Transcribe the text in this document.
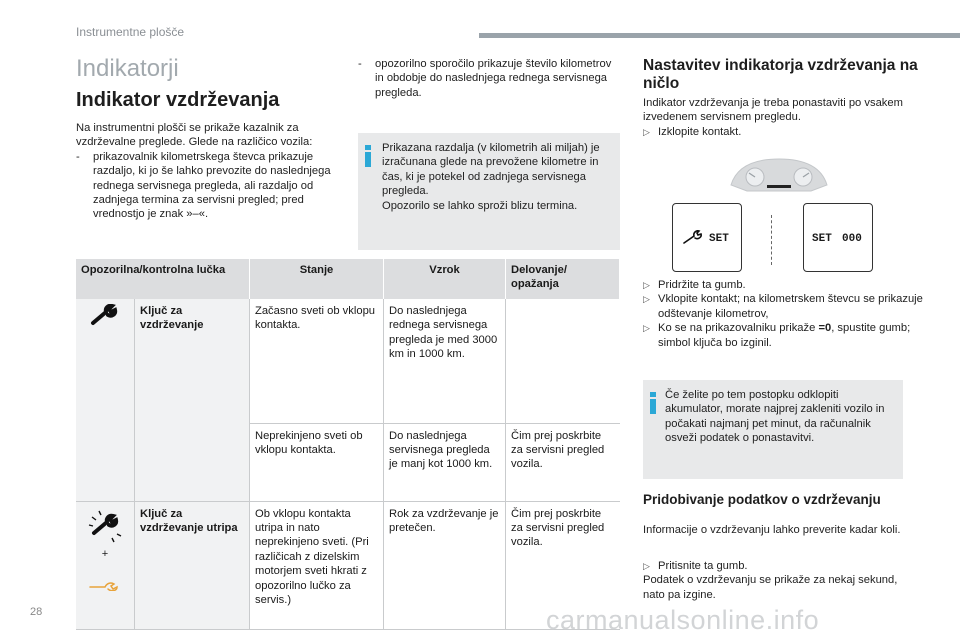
Instrumentne plošče
Indikatorji
Indikator vzdrževanja
Na instrumentni plošči se prikaže kazalnik za vzdrževalne preglede. Glede na različico vozila:
- prikazovalnik kilometrskega števca prikazuje razdaljo, ki jo še lahko prevozite do naslednjega rednega servisnega pregleda, ali razdaljo od zadnjega termina za servisni pregled; pred vrednostjo je znak »–«.
- opozorilno sporočilo prikazuje število kilometrov in obdobje do naslednjega rednega servisnega pregleda.
Prikazana razdalja (v kilometrih ali miljah) je izračunana glede na prevožene kilometre in čas, ki je potekel od zadnjega servisnega pregleda.
Opozorilo se lahko sproži blizu termina.
Opozorilna/kontrolna lučka		Stanje	Vzrok	Delovanje/ opažanja
	Ključ za vzdrževanje	Začasno sveti ob vklopu kontakta.	Do naslednjega rednega servisnega pregleda je med 3000 km in 1000 km.	
		Neprekinjeno sveti ob vklopu kontakta.	Do naslednjega servisnega pregleda je manj kot 1000 km.	Čim prej poskrbite za servisni pregled vozila.

+	Ključ za vzdrževanje utripa	Ob vklopu kontakta utripa in nato neprekinjeno sveti. (Pri različicah z dizelskim motorjem sveti hkrati z opozorilno lučko za servis.)	Rok za vzdrževanje je pretečen.	Čim prej poskrbite za servisni pregled vozila.
Nastavitev indikatorja vzdrževanja na ničlo
Indikator vzdrževanja je treba ponastaviti po vsakem izvedenem servisnem pregledu.
▷ Izklopite kontakt.
SET	SET 000
▷ Pridržite ta gumb.
▷ Vklopite kontakt; na kilometrskem števcu se prikazuje odštevanje kilometrov,
▷ Ko se na prikazovalniku prikaže =0, spustite gumb; simbol ključa bo izginil.
Če želite po tem postopku odklopiti akumulator, morate najprej zakleniti vozilo in počakati najmanj pet minut, da računalnik osveži podatek o ponastavitvi.
Pridobivanje podatkov o vzdrževanju
Informacije o vzdrževanju lahko preverite kadar koli.
▷ Pritisnite ta gumb.
Podatek o vzdrževanju se prikaže za nekaj sekund, nato pa izgine.
28	carmanualsonline.info
